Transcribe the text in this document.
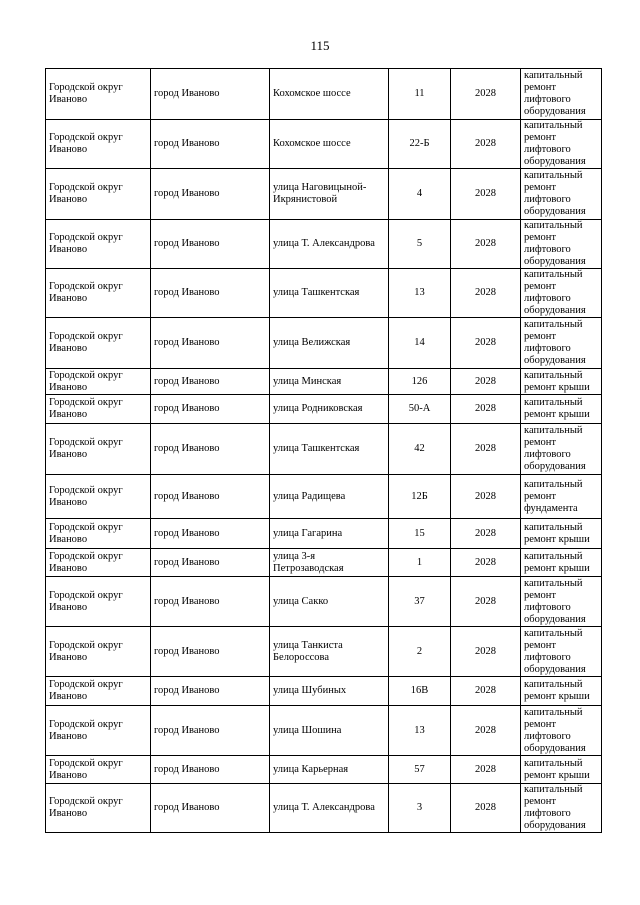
115
Городской округ Иваново	город Иваново	Кохомское шоссе	11	2028	капитальный ремонт лифтового оборудования

Городской округ Иваново	город Иваново	Кохомское шоссе	22-Б	2028	капитальный ремонт лифтового оборудования

Городской округ Иваново	город Иваново	улица Наговицыной-Икрянистовой	4	2028	капитальный ремонт лифтового оборудования

Городской округ Иваново	город Иваново	улица Т. Александрова	5	2028	капитальный ремонт лифтового оборудования

Городской округ Иваново	город Иваново	улица Ташкентская	13	2028	капитальный ремонт лифтового оборудования

Городской округ Иваново	город Иваново	улица Велижская	14	2028	капитальный ремонт лифтового оборудования

Городской округ Иваново	город Иваново	улица Минская	126	2028	капитальный ремонт крыши

Городской округ Иваново	город Иваново	улица Родниковская	50-А	2028	капитальный ремонт крыши

Городской округ Иваново	город Иваново	улица Ташкентская	42	2028	капитальный ремонт лифтового оборудования

Городской округ Иваново	город Иваново	улица Радищева	12Б	2028	капитальный ремонт фундамента

Городской округ Иваново	город Иваново	улица Гагарина	15	2028	капитальный ремонт крыши

Городской округ Иваново	город Иваново	улица 3-я Петрозаводская	1	2028	капитальный ремонт крыши

Городской округ Иваново	город Иваново	улица Сакко	37	2028	капитальный ремонт лифтового оборудования

Городской округ Иваново	город Иваново	улица Танкиста Белороссова	2	2028	капитальный ремонт лифтового оборудования

Городской округ Иваново	город Иваново	улица Шубиных	16В	2028	капитальный ремонт крыши

Городской округ Иваново	город Иваново	улица Шошина	13	2028	капитальный ремонт лифтового оборудования

Городской округ Иваново	город Иваново	улица Карьерная	57	2028	капитальный ремонт крыши

Городской округ Иваново	город Иваново	улица Т. Александрова	3	2028	капитальный ремонт лифтового оборудования
